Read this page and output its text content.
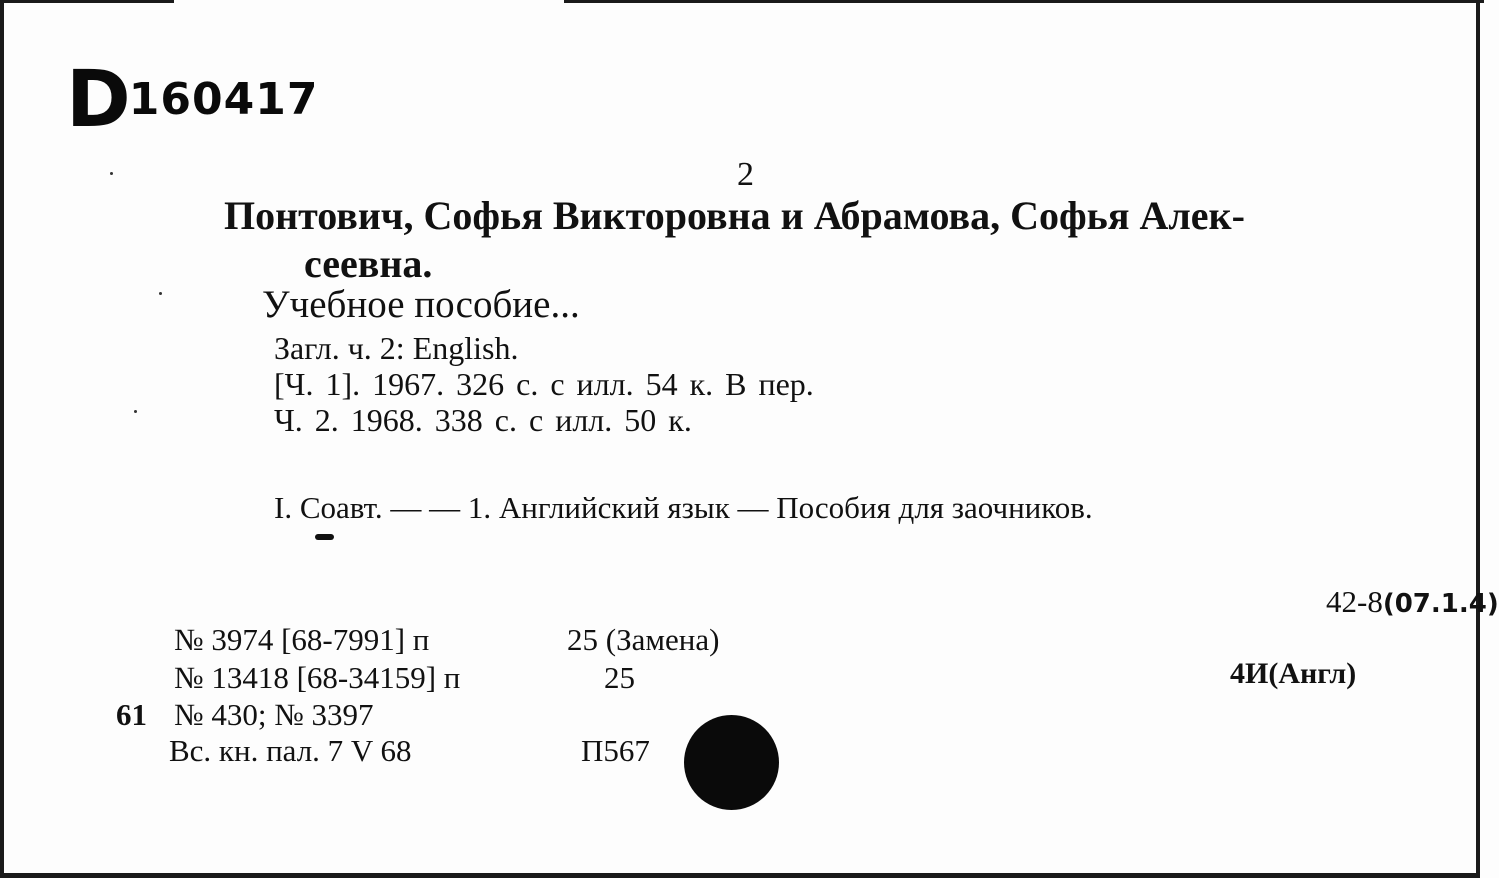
D160417
2
Понтович, Софья Викторовна и Абрамова, Софья Алек-
сеевна.
Учебное пособие...
Загл. ч. 2: English.
[Ч. 1]. 1967. 326 с. с илл. 54 к. В пер.
Ч. 2. 1968. 338 с. с илл. 50 к.
I. Соавт. — — 1. Английский язык — Пособия для заочников.
42-8(07.1.4)
4И(Англ)
№ 3974 [68-7991] п	25 (Замена)
№ 13418 [68-34159] п	25
61 № 430; № 3397
Вс. кн. пал. 7 V 68	П567
